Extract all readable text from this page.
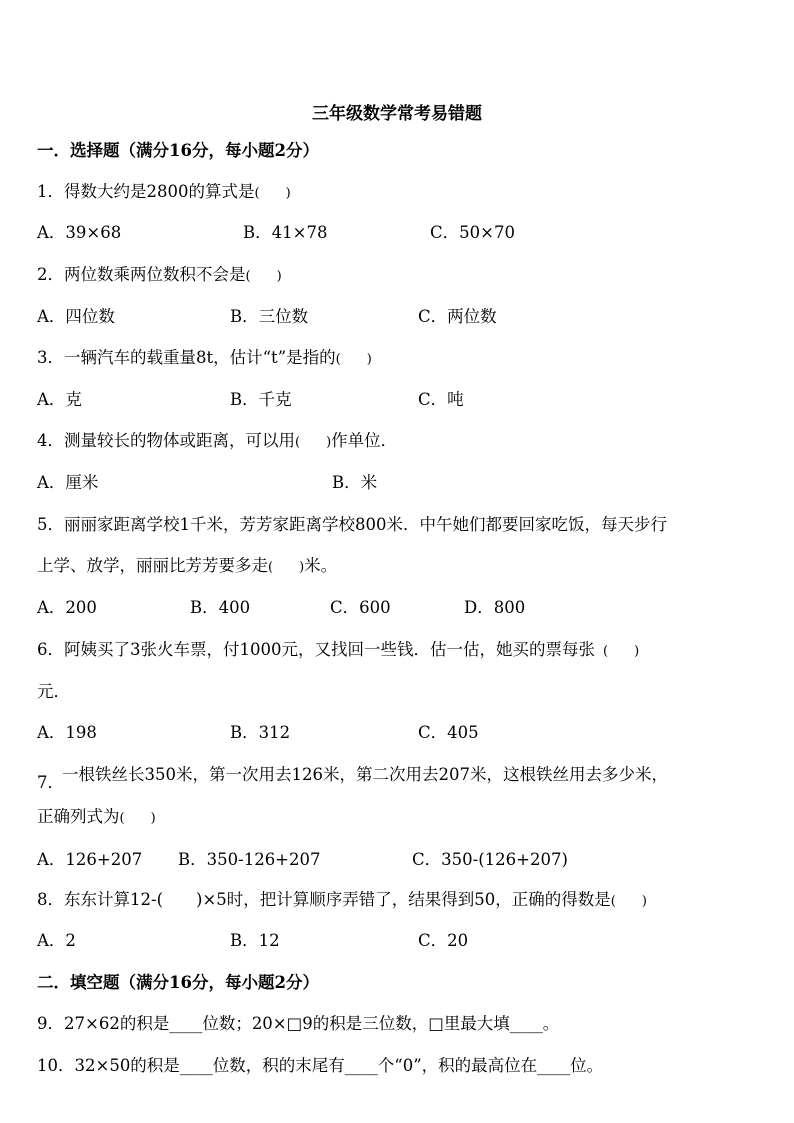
三年级数学常考易错题
一．选择题（满分16分，每小题2分）
1．得数大约是2800的算式是(　　)
A．39×68	B．41×78	C．50×70
2．两位数乘两位数积不会是(　　)
A．四位数	B．三位数	C．两位数
3．一辆汽车的载重量8t，估计“t”是指的(　　)
A．克	B．千克	C．吨
4．测量较长的物体或距离，可以用(　　)作单位．
A．厘米	B．米
5．丽丽家距离学校1千米，芳芳家距离学校800米．中午她们都要回家吃饭，每天步行
上学、放学，丽丽比芳芳要多走(　　)米。
A．200	B．400	C．600	D．800
6．阿姨买了3张火车票，付1000元，又找回一些钱．估一估，她买的票每张 (　　)
元．
A．198	B．312	C．405
7．
一根铁丝长350米，第一次用去126米，第二次用去207米，这根铁丝用去多少米，
正确列式为(　　)
A．126+207 B．350-126+207	C．350-(126+207)
8．东东计算12-(　　)×5时，把计算顺序弄错了，结果得到50，正确的得数是(　　)
A．2	B．12	C．20
二．填空题（满分16分，每小题2分）
9．27×62的积是____位数；20×□9的积是三位数，□里最大填____。
10．32×50的积是____位数，积的末尾有____个“0”，积的最高位在____位。
